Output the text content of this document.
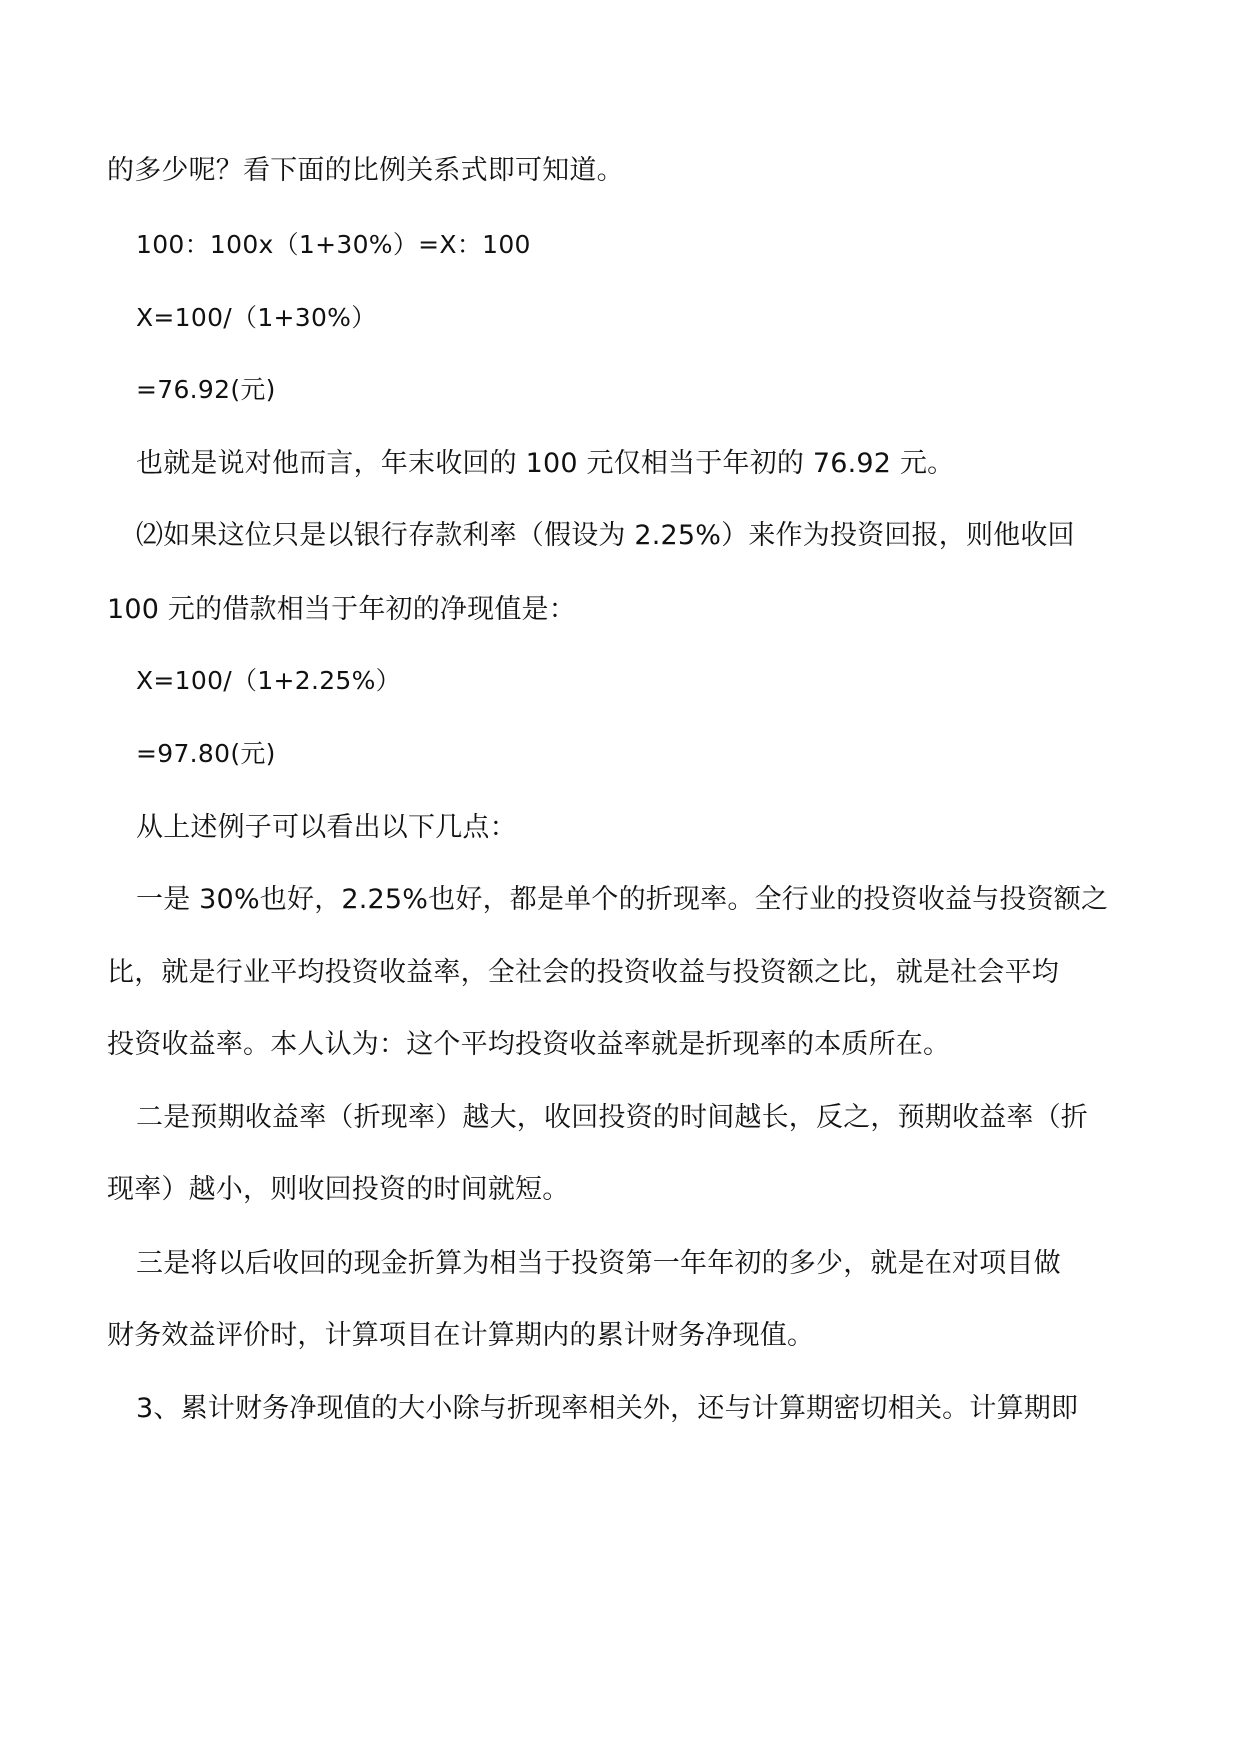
的多少呢？看下面的比例关系式即可知道。
100：100x（1+30%）=X：100
X=100/（1+30%）
=76.92(元)
也就是说对他而言，年末收回的 100 元仅相当于年初的 76.92 元。
⑵如果这位只是以银行存款利率（假设为 2.25%）来作为投资回报，则他收回
100 元的借款相当于年初的净现值是：
X=100/（1+2.25%）
=97.80(元)
从上述例子可以看出以下几点：
一是 30%也好，2.25%也好，都是单个的折现率。全行业的投资收益与投资额之
比，就是行业平均投资收益率，全社会的投资收益与投资额之比，就是社会平均
投资收益率。本人认为：这个平均投资收益率就是折现率的本质所在。
二是预期收益率（折现率）越大，收回投资的时间越长，反之，预期收益率（折
现率）越小，则收回投资的时间就短。
三是将以后收回的现金折算为相当于投资第一年年初的多少，就是在对项目做
财务效益评价时，计算项目在计算期内的累计财务净现值。
3、累计财务净现值的大小除与折现率相关外，还与计算期密切相关。计算期即
